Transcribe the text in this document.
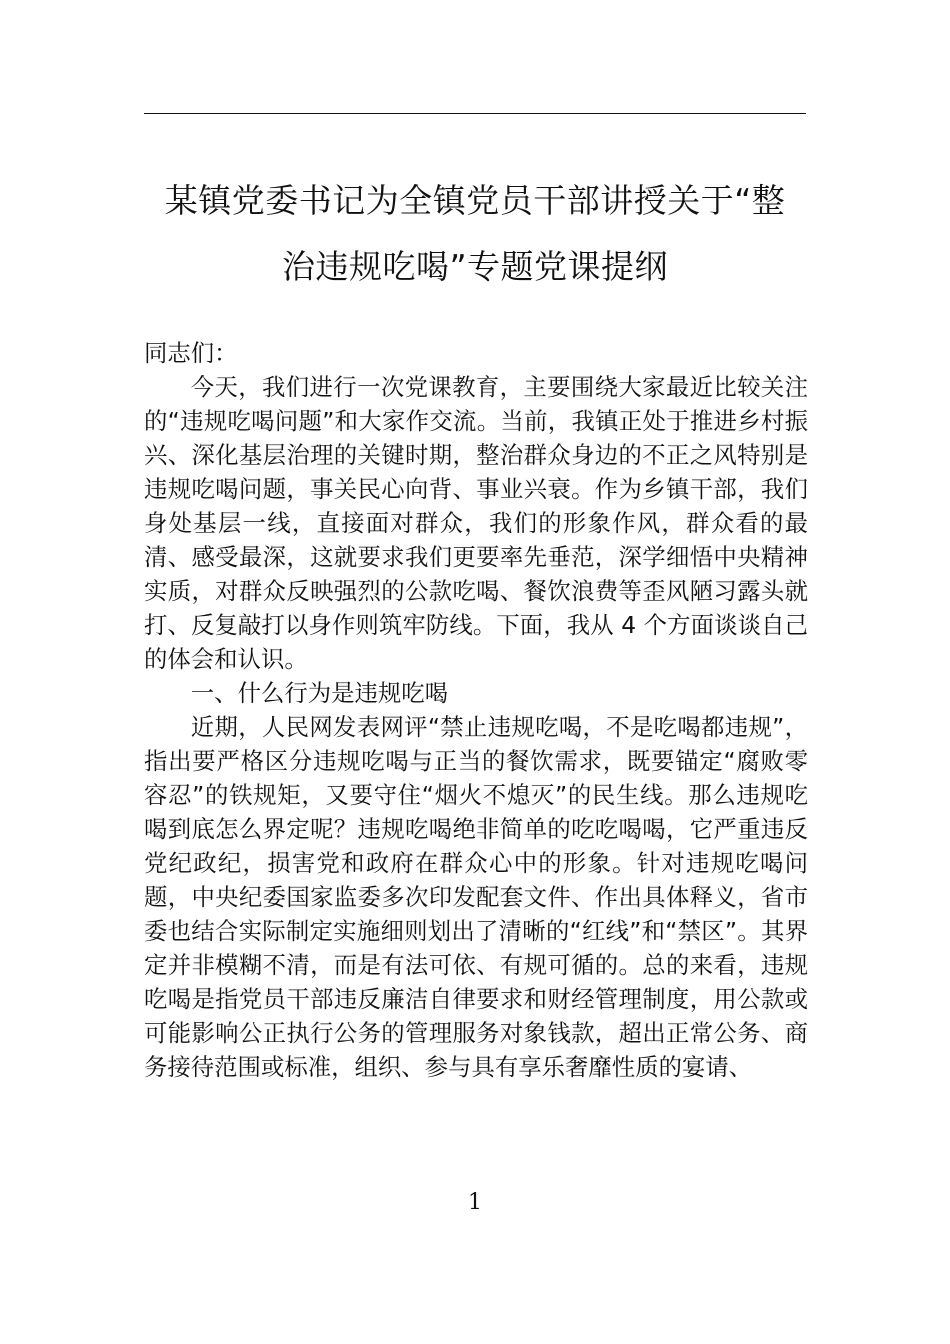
某镇党委书记为全镇党员干部讲授关于“整
治违规吃喝”专题党课提纲

同志们：

今天，我们进行一次党课教育，主要围绕大家最近比较关注的“违规吃喝问题”和大家作交流。当前，我镇正处于推进乡村振兴、深化基层治理的关键时期，整治群众身边的不正之风特别是违规吃喝问题，事关民心向背、事业兴衰。作为乡镇干部，我们身处基层一线，直接面对群众，我们的形象作风，群众看的最清、感受最深，这就要求我们更要率先垂范，深学细悟中央精神实质，对群众反映强烈的公款吃喝、餐饮浪费等歪风陋习露头就打、反复敲打以身作则筑牢防线。下面，我从 4 个方面谈谈自己的体会和认识。

一、什么行为是违规吃喝

近期，人民网发表网评“禁止违规吃喝，不是吃喝都违规”，指出要严格区分违规吃喝与正当的餐饮需求，既要锚定“腐败零容忍”的铁规矩，又要守住“烟火不熄灭”的民生线。那么违规吃喝到底怎么界定呢？违规吃喝绝非简单的吃吃喝喝，它严重违反党纪政纪，损害党和政府在群众心中的形象。针对违规吃喝问题，中央纪委国家监委多次印发配套文件、作出具体释义，省市委也结合实际制定实施细则划出了清晰的“红线”和“禁区”。其界定并非模糊不清，而是有法可依、有规可循的。总的来看，违规吃喝是指党员干部违反廉洁自律要求和财经管理制度，用公款或可能影响公正执行公务的管理服务对象钱款，超出正常公务、商务接待范围或标准，组织、参与具有享乐奢靡性质的宴请、

1
